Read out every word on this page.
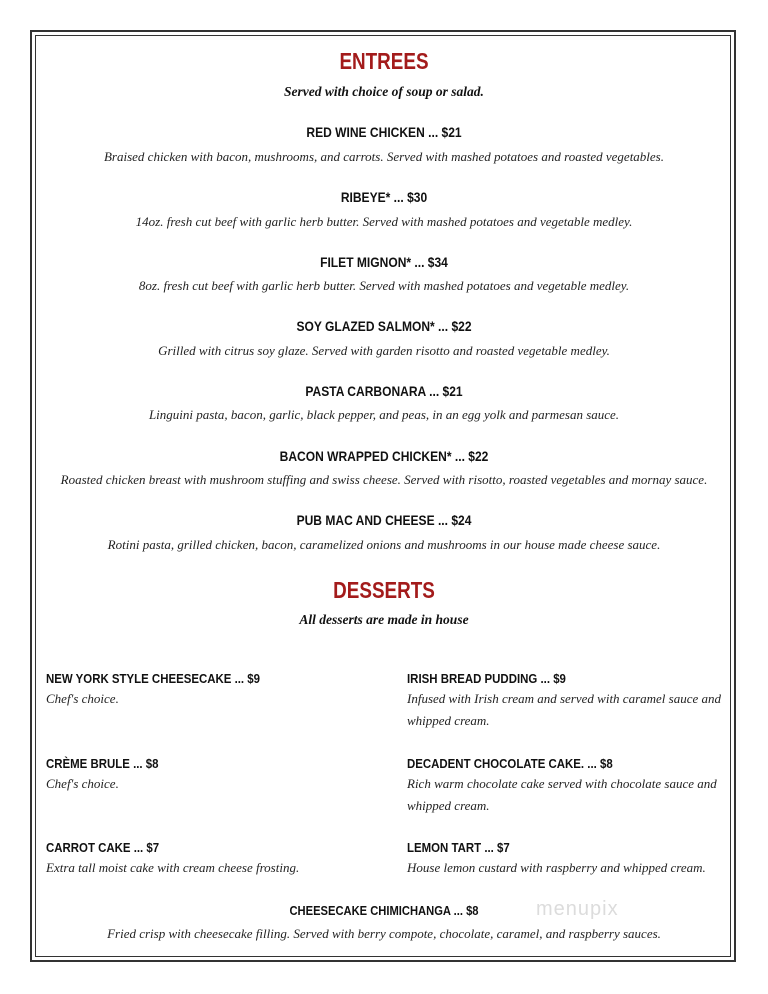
ENTREES
Served with choice of soup or salad.
RED WINE CHICKEN ... $21
Braised chicken with bacon, mushrooms, and carrots. Served with mashed potatoes and roasted vegetables.
RIBEYE* ... $30
14oz. fresh cut beef with garlic herb butter. Served with mashed potatoes and vegetable medley.
FILET MIGNON* ... $34
8oz. fresh cut beef with garlic herb butter. Served with mashed potatoes and vegetable medley.
SOY GLAZED SALMON* ... $22
Grilled with citrus soy glaze. Served with garden risotto and roasted vegetable medley.
PASTA CARBONARA ... $21
Linguini pasta, bacon, garlic, black pepper, and peas, in an egg yolk and parmesan sauce.
BACON WRAPPED CHICKEN* ... $22
Roasted chicken breast with mushroom stuffing and swiss cheese. Served with risotto, roasted vegetables and mornay sauce.
PUB MAC AND CHEESE ... $24
Rotini pasta, grilled chicken, bacon, caramelized onions and mushrooms in our house made cheese sauce.
DESSERTS
All desserts are made in house
NEW YORK STYLE CHEESECAKE ... $9
Chef's choice.
CRÈME BRULE ... $8
Chef's choice.
CARROT CAKE ... $7
Extra tall moist cake with cream cheese frosting.
IRISH BREAD PUDDING ... $9
Infused with Irish cream and served with caramel sauce and whipped cream.
DECADENT CHOCOLATE CAKE. ... $8
Rich warm chocolate cake served with chocolate sauce and whipped cream.
LEMON TART ... $7
House lemon custard with raspberry and whipped cream.
CHEESECAKE CHIMICHANGA ... $8
Fried crisp with cheesecake filling. Served with berry compote, chocolate, caramel, and raspberry sauces.
menupix
